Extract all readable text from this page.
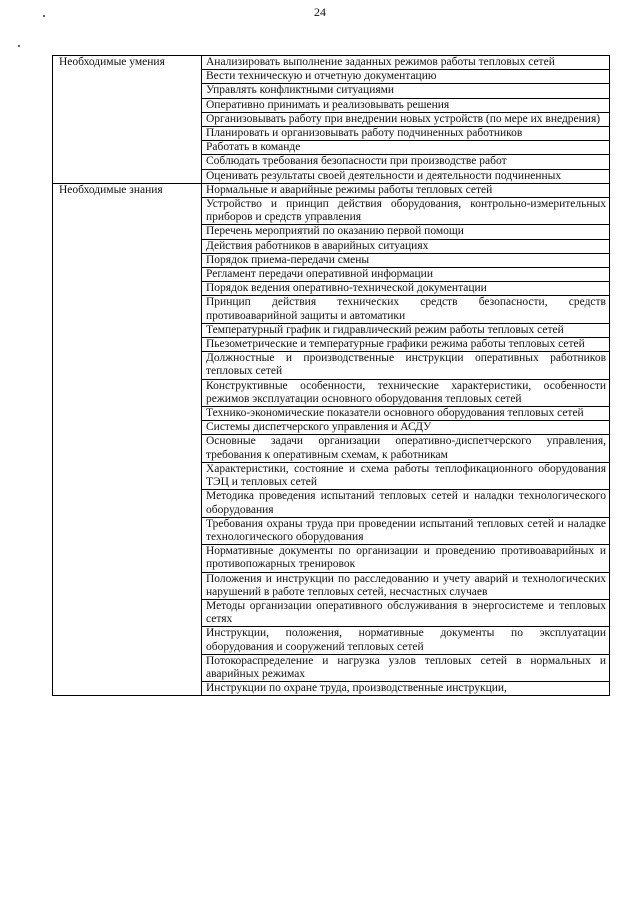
24
Необходимые умения	Анализировать выполнение заданных режимов работы тепловых сетей
	Вести техническую и отчетную документацию
	Управлять конфликтными ситуациями
	Оперативно принимать и реализовывать решения
	Организовывать работу при внедрении новых устройств (по мере их внедрения)
	Планировать и организовывать работу подчиненных работников
	Работать в команде
	Соблюдать требования безопасности при производстве работ
	Оценивать результаты своей деятельности и деятельности подчиненных
Необходимые знания	Нормальные и аварийные режимы работы тепловых сетей
	Устройство и принцип действия оборудования, контрольно-измерительных приборов и средств управления
	Перечень мероприятий по оказанию первой помощи
	Действия работников в аварийных ситуациях
	Порядок приема-передачи смены
	Регламент передачи оперативной информации
	Порядок ведения оперативно-технической документации
	Принцип действия технических средств безопасности, средств противоаварийной защиты и автоматики
	Температурный график и гидравлический режим работы тепловых сетей
	Пьезометрические и температурные графики режима работы тепловых сетей
	Должностные и производственные инструкции оперативных работников тепловых сетей
	Конструктивные особенности, технические характеристики, особенности режимов эксплуатации основного оборудования тепловых сетей
	Технико-экономические показатели основного оборудования тепловых сетей
	Системы диспетчерского управления и АСДУ
	Основные задачи организации оперативно-диспетчерского управления, требования к оперативным схемам, к работникам
	Характеристики, состояние и схема работы теплофикационного оборудования ТЭЦ и тепловых сетей
	Методика проведения испытаний тепловых сетей и наладки технологического оборудования
	Требования охраны труда при проведении испытаний тепловых сетей и наладке технологического оборудования
	Нормативные документы по организации и проведению противоаварийных и противопожарных тренировок
	Положения и инструкции по расследованию и учету аварий и технологических нарушений в работе тепловых сетей, несчастных случаев
	Методы организации оперативного обслуживания в энергосистеме и тепловых сетях
	Инструкции, положения, нормативные документы по эксплуатации оборудования и сооружений тепловых сетей
	Потокораспределение и нагрузка узлов тепловых сетей в нормальных и аварийных режимах
	Инструкции по охране труда, производственные инструкции,
